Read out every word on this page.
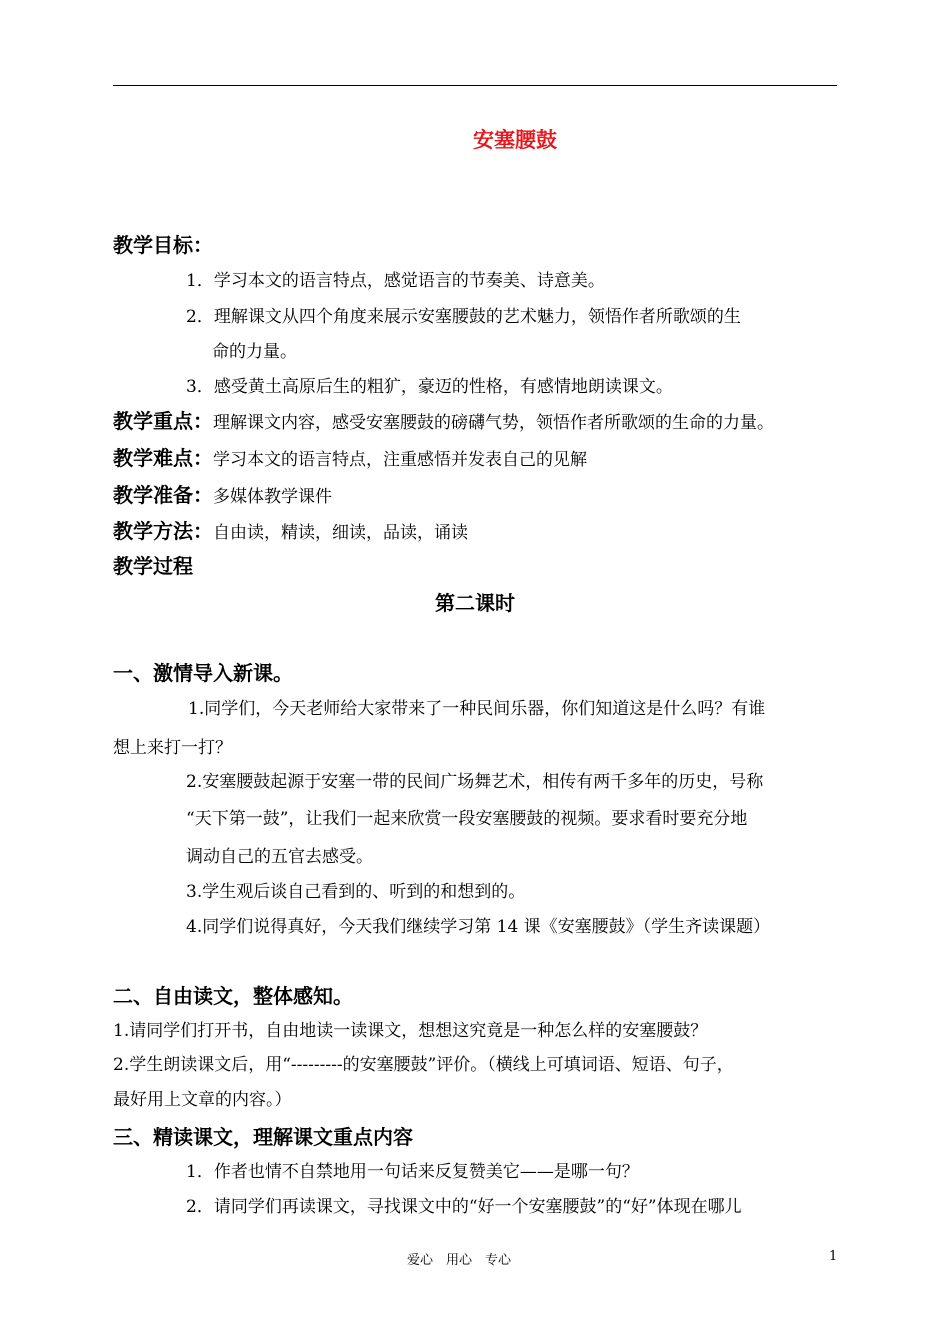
安塞腰鼓
教学目标：
1．学习本文的语言特点，感觉语言的节奏美、诗意美。
2．理解课文从四个角度来展示安塞腰鼓的艺术魅力，领悟作者所歌颂的生
命的力量。
3．感受黄土高原后生的粗犷，豪迈的性格，有感情地朗读课文。
教学重点：理解课文内容，感受安塞腰鼓的磅礴气势，领悟作者所歌颂的生命的力量。
教学难点：学习本文的语言特点，注重感悟并发表自己的见解
教学准备：多媒体教学课件
教学方法：自由读，精读，细读，品读，诵读
教学过程
第二课时
一、激情导入新课。
1.同学们，今天老师给大家带来了一种民间乐器，你们知道这是什么吗？有谁
想上来打一打？
2.安塞腰鼓起源于安塞一带的民间广场舞艺术，相传有两千多年的历史，号称
“天下第一鼓”，让我们一起来欣赏一段安塞腰鼓的视频。要求看时要充分地
调动自己的五官去感受。
3.学生观后谈自己看到的、听到的和想到的。
4.同学们说得真好，今天我们继续学习第 14 课《安塞腰鼓》（学生齐读课题）
二、自由读文，整体感知。
1.请同学们打开书，自由地读一读课文，想想这究竟是一种怎么样的安塞腰鼓？
2.学生朗读课文后，用“---------的安塞腰鼓”评价。（横线上可填词语、短语、句子，
最好用上文章的内容。）
三、精读课文，理解课文重点内容
1．作者也情不自禁地用一句话来反复赞美它——是哪一句？
2．请同学们再读课文，寻找课文中的“好一个安塞腰鼓”的“好”体现在哪儿
爱心　用心　专心	1
